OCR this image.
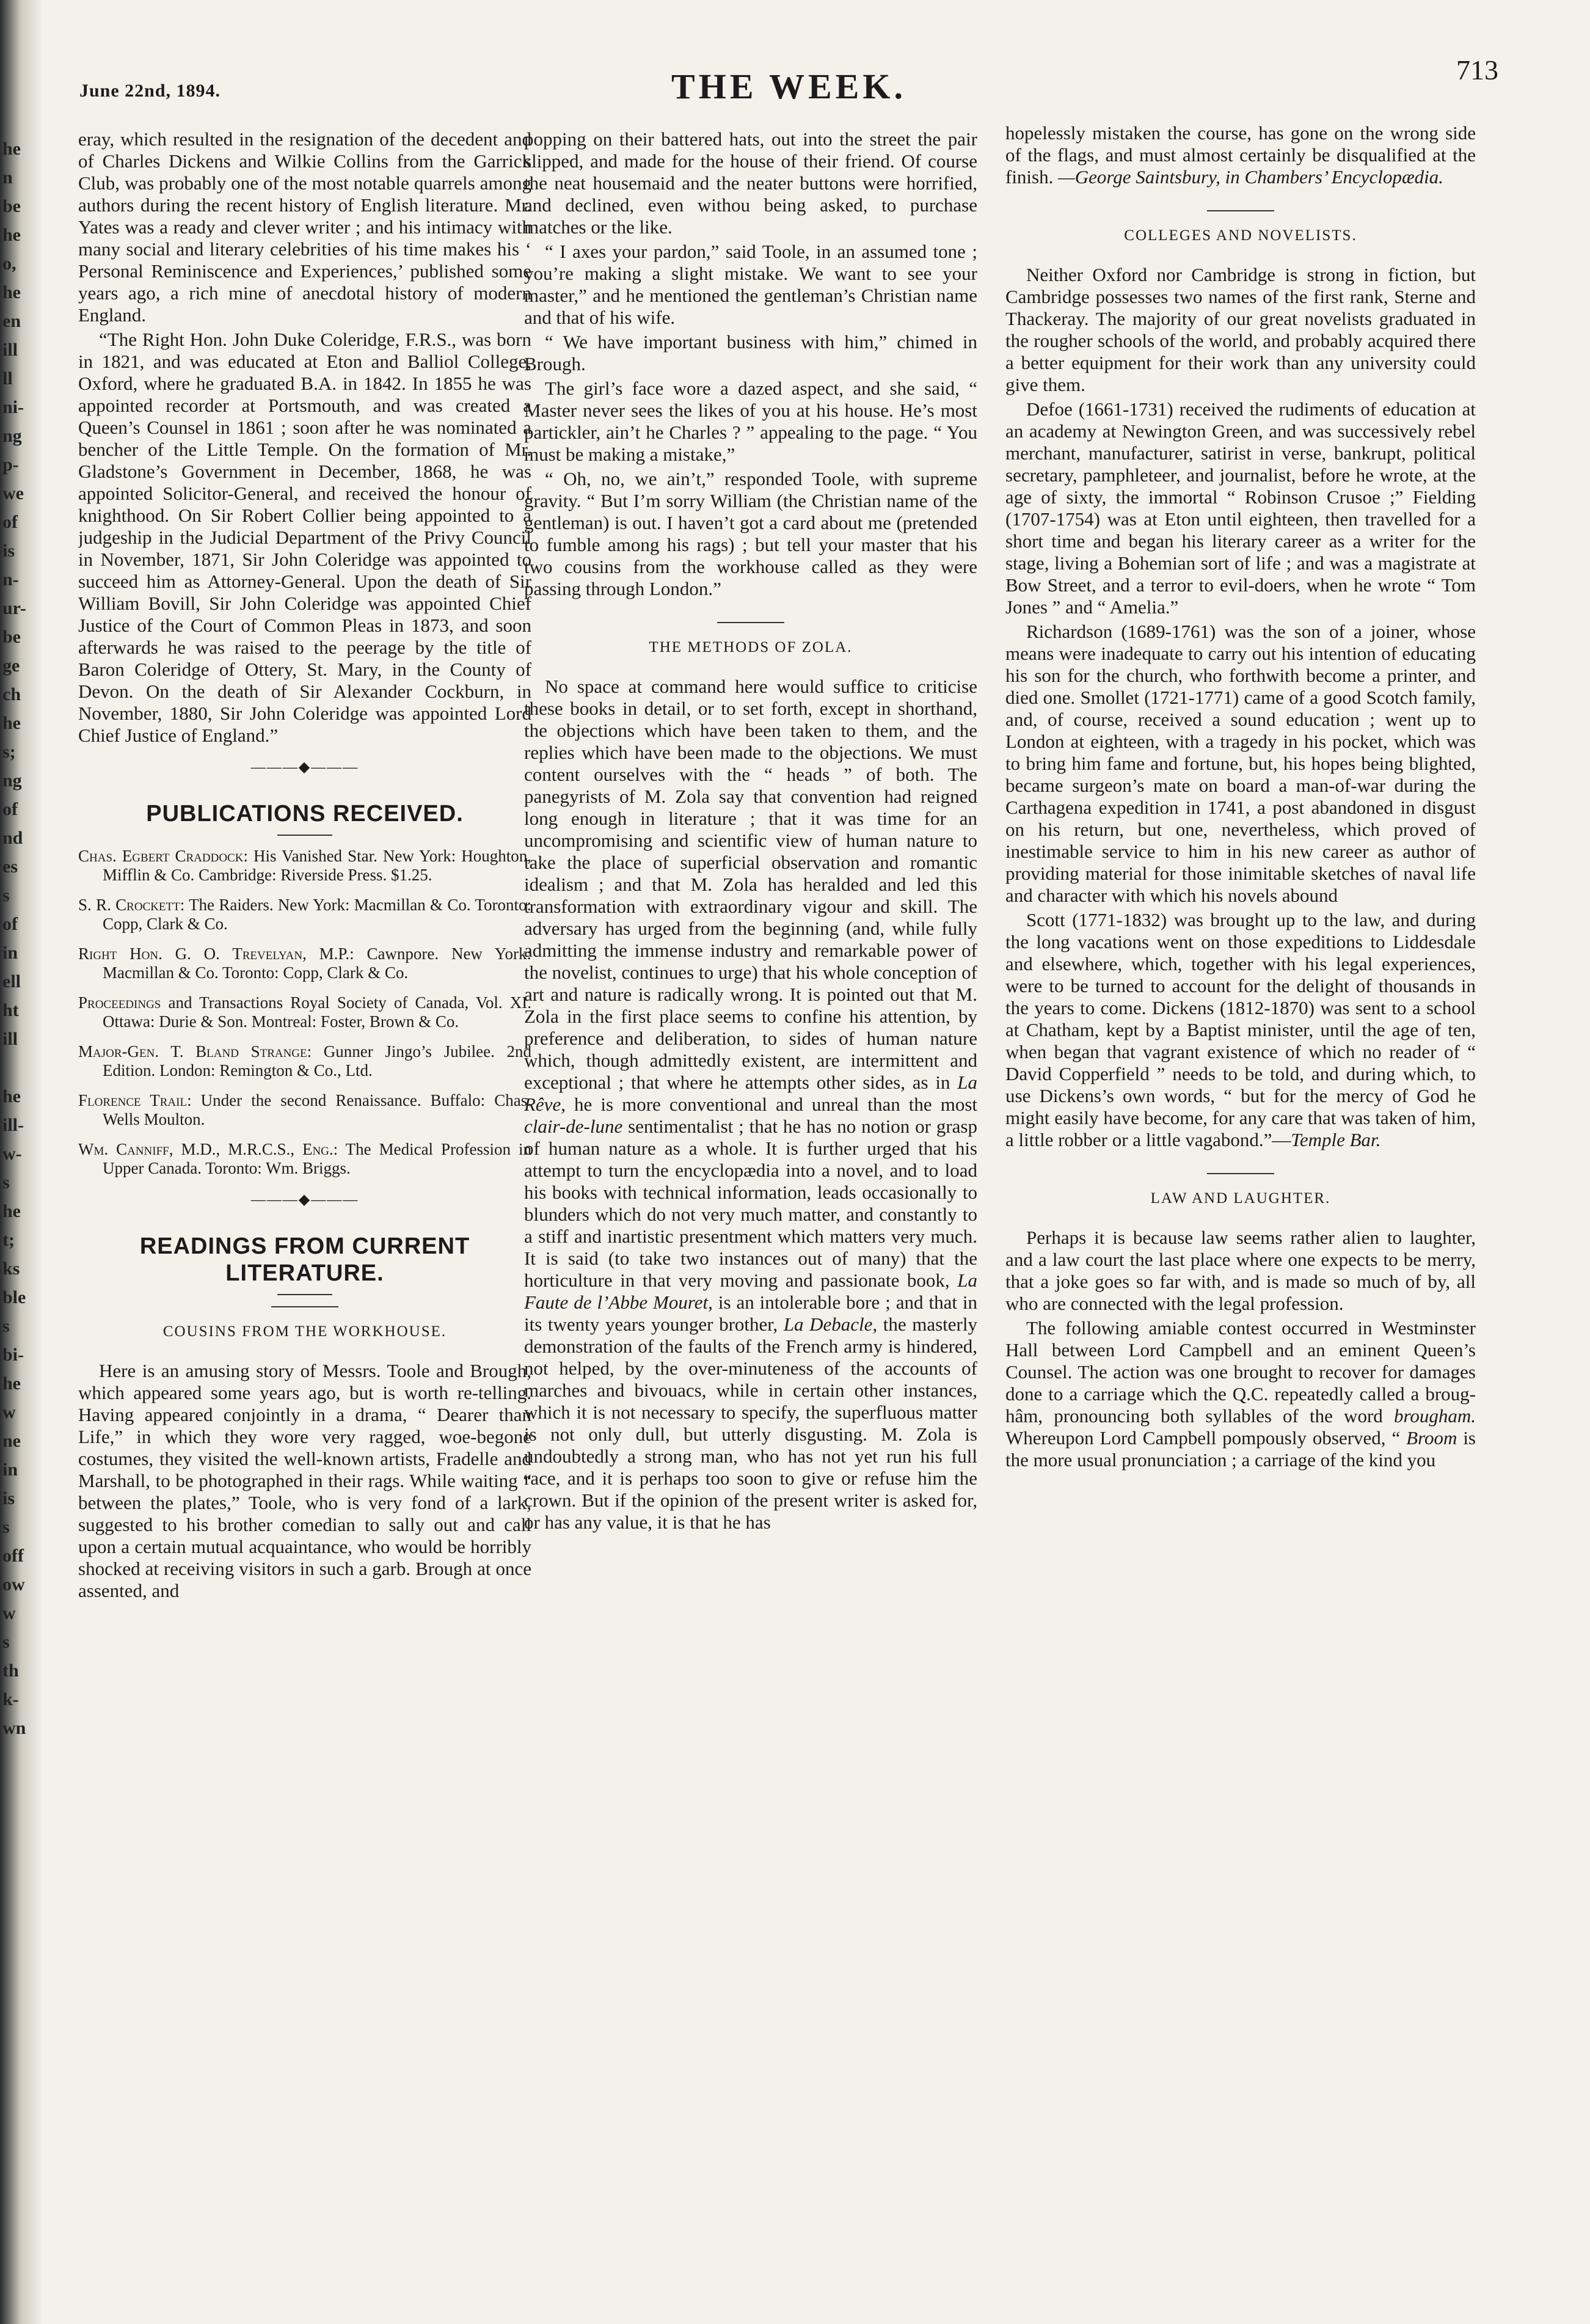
he
n
be
he
o,
he
en
ill
ll
ni-
ng
p-
we
of
is
n-
ur-
be
ge
ch
he
s;
ng
of
nd
es
s
of
in
ell
ht
ill
he
ill-
w-
s
he
t;
ks
ble
s
bi-
he
w
ne
in
is
s
off
ow
w
s
th
k-
wn
June 22nd, 1894.	THE WEEK.	713

eray, which resulted in the resignation of the decedent and of Charles Dickens and Wilkie Collins from the Garrick Club, was probably one of the most notable quarrels among authors during the recent history of English literature. Mr. Yates was a ready and clever writer ; and his intimacy with many social and literary celebrities of his time makes his ‘ Personal Reminiscence and Experiences,’ published some years ago, a rich mine of anecdotal history of modern England.

“The Right Hon. John Duke Coleridge, F.R.S., was born in 1821, and was educated at Eton and Balliol College, Oxford, where he graduated B.A. in 1842. In 1855 he was appointed recorder at Portsmouth, and was created a Queen’s Counsel in 1861 ; soon after he was nominated a bencher of the Little Temple. On the formation of Mr. Gladstone’s Government in December, 1868, he was appointed Solicitor-General, and received the honour of knighthood. On Sir Robert Collier being appointed to a judgeship in the Judicial Department of the Privy Council in November, 1871, Sir John Coleridge was appointed to succeed him as Attorney-General. Upon the death of Sir William Bovill, Sir John Coleridge was appointed Chief Justice of the Court of Common Pleas in 1873, and soon afterwards he was raised to the peerage by the title of Baron Coleridge of Ottery, St. Mary, in the County of Devon. On the death of Sir Alexander Cockburn, in November, 1880, Sir John Coleridge was appointed Lord Chief Justice of England.”

———◆———
PUBLICATIONS RECEIVED.
Chas. Egbert Craddock: His Vanished Star. New York: Houghton, Mifflin & Co. Cambridge: Riverside Press. $1.25.
S. R. Crockett: The Raiders. New York: Macmillan & Co. Toronto: Copp, Clark & Co.
Right Hon. G. O. Trevelyan, M.P.: Cawnpore. New York: Macmillan & Co. Toronto: Copp, Clark & Co.
Proceedings and Transactions Royal Society of Canada, Vol. XI. Ottawa: Durie & Son. Montreal: Foster, Brown & Co.
Major-Gen. T. Bland Strange: Gunner Jingo’s Jubilee. 2nd Edition. London: Remington & Co., Ltd.
Florence Trail: Under the second Renaissance. Buffalo: Chas. Wells Moulton.
Wm. Canniff, M.D., M.R.C.S., Eng.: The Medical Profession in Upper Canada. Toronto: Wm. Briggs.
———◆———
READINGS FROM CURRENT LITERATURE.
COUSINS FROM THE WORKHOUSE.

Here is an amusing story of Messrs. Toole and Brough, which appeared some years ago, but is worth re-telling. Having appeared conjointly in a drama, “ Dearer than Life,” in which they wore very ragged, woe-begone costumes, they visited the well-known artists, Fradelle and Marshall, to be photographed in their rags. While waiting “ between the plates,” Toole, who is very fond of a lark, suggested to his brother comedian to sally out and call upon a certain mutual acquaintance, who would be horribly shocked at receiving visitors in such a garb. Brough at once assented, and

popping on their battered hats, out into the street the pair slipped, and made for the house of their friend. Of course the neat housemaid and the neater buttons were horrified, and declined, even withou being asked, to purchase matches or the like.

“ I axes your pardon,” said Toole, in an assumed tone ; you’re making a slight mistake. We want to see your master,” and he mentioned the gentleman’s Christian name and that of his wife.

“ We have important business with him,” chimed in Brough.

The girl’s face wore a dazed aspect, and she said, “ Master never sees the likes of you at his house. He’s most partickler, ain’t he Charles ? ” appealing to the page. “ You must be making a mistake,”

“ Oh, no, we ain’t,” responded Toole, with supreme gravity. “ But I’m sorry William (the Christian name of the gentleman) is out. I haven’t got a card about me (pretended to fumble among his rags) ; but tell your master that his two cousins from the workhouse called as they were passing through London.”

THE METHODS OF ZOLA.

No space at command here would suffice to criticise these books in detail, or to set forth, except in shorthand, the objections which have been taken to them, and the replies which have been made to the objections. We must content ourselves with the “ heads ” of both. The panegyrists of M. Zola say that convention had reigned long enough in literature ; that it was time for an uncompromising and scientific view of human nature to take the place of superficial observation and romantic idealism ; and that M. Zola has heralded and led this transformation with extraordinary vigour and skill. The adversary has urged from the beginning (and, while fully admitting the immense industry and remarkable power of the novelist, continues to urge) that his whole conception of art and nature is radically wrong. It is pointed out that M. Zola in the first place seems to confine his attention, by preference and deliberation, to sides of human nature which, though admittedly existent, are intermittent and exceptional ; that where he attempts other sides, as in La Rêve, he is more conventional and unreal than the most clair-de-lune sentimentalist ; that he has no notion or grasp of human nature as a whole. It is further urged that his attempt to turn the encyclopædia into a novel, and to load his books with technical information, leads occasionally to blunders which do not very much matter, and constantly to a stiff and inartistic presentment which matters very much. It is said (to take two instances out of many) that the horticulture in that very moving and passionate book, La Faute de l’Abbe Mouret, is an intolerable bore ; and that in its twenty years younger brother, La Debacle, the masterly demonstration of the faults of the French army is hindered, not helped, by the over-minuteness of the accounts of marches and bivouacs, while in certain other instances, which it is not necessary to specify, the superfluous matter is not only dull, but utterly disgusting. M. Zola is undoubtedly a strong man, who has not yet run his full race, and it is perhaps too soon to give or refuse him the crown. But if the opinion of the present writer is asked for, or has any value, it is that he has

hopelessly mistaken the course, has gone on the wrong side of the flags, and must almost certainly be disqualified at the finish. —George Saintsbury, in Chambers’ Encyclopædia.

COLLEGES AND NOVELISTS.

Neither Oxford nor Cambridge is strong in fiction, but Cambridge possesses two names of the first rank, Sterne and Thackeray. The majority of our great novelists graduated in the rougher schools of the world, and probably acquired there a better equipment for their work than any university could give them.

Defoe (1661-1731) received the rudiments of education at an academy at Newington Green, and was successively rebel merchant, manufacturer, satirist in verse, bankrupt, political secretary, pamphleteer, and journalist, before he wrote, at the age of sixty, the immortal “ Robinson Crusoe ;” Fielding (1707-1754) was at Eton until eighteen, then travelled for a short time and began his literary career as a writer for the stage, living a Bohemian sort of life ; and was a magistrate at Bow Street, and a terror to evil-doers, when he wrote “ Tom Jones ” and “ Amelia.”

Richardson (1689-1761) was the son of a joiner, whose means were inadequate to carry out his intention of educating his son for the church, who forthwith become a printer, and died one. Smollet (1721-1771) came of a good Scotch family, and, of course, received a sound education ; went up to London at eighteen, with a tragedy in his pocket, which was to bring him fame and fortune, but, his hopes being blighted, became surgeon’s mate on board a man-of-war during the Carthagena expedition in 1741, a post abandoned in disgust on his return, but one, nevertheless, which proved of inestimable service to him in his new career as author of providing material for those inimitable sketches of naval life and character with which his novels abound

Scott (1771-1832) was brought up to the law, and during the long vacations went on those expeditions to Liddesdale and elsewhere, which, together with his legal experiences, were to be turned to account for the delight of thousands in the years to come. Dickens (1812-1870) was sent to a school at Chatham, kept by a Baptist minister, until the age of ten, when began that vagrant existence of which no reader of “ David Copperfield ” needs to be told, and during which, to use Dickens’s own words, “ but for the mercy of God he might easily have become, for any care that was taken of him, a little robber or a little vagabond.”—Temple Bar.

LAW AND LAUGHTER.

Perhaps it is because law seems rather alien to laughter, and a law court the last place where one expects to be merry, that a joke goes so far with, and is made so much of by, all who are connected with the legal profession.

The following amiable contest occurred in Westminster Hall between Lord Campbell and an eminent Queen’s Counsel. The action was one brought to recover for damages done to a carriage which the Q.C. repeatedly called a broug-hâm, pronouncing both syllables of the word brougham. Whereupon Lord Campbell pompously observed, “ Broom is the more usual pronunciation ; a carriage of the kind you
